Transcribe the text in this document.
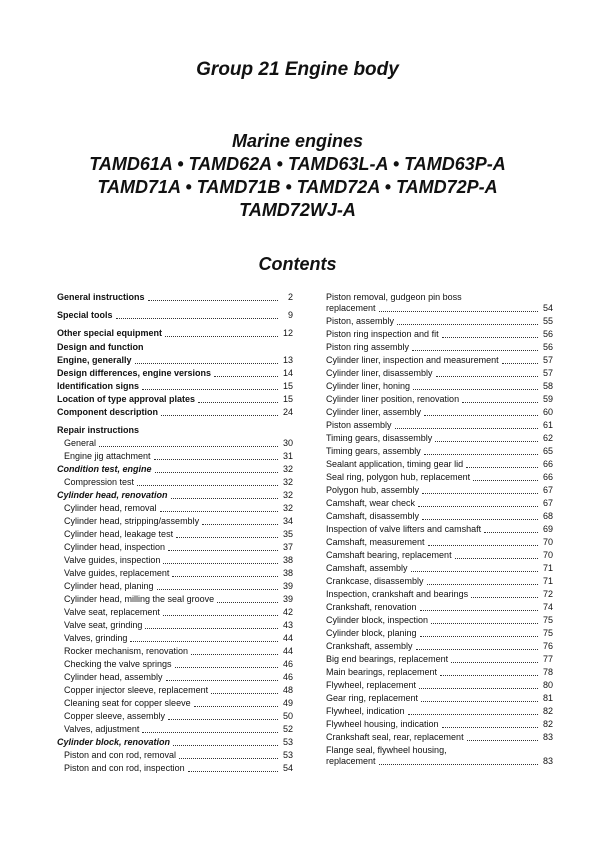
Group 21 Engine body
Marine engines
TAMD61A • TAMD62A • TAMD63L-A • TAMD63P-A
TAMD71A • TAMD71B • TAMD72A • TAMD72P-A
TAMD72WJ-A
Contents
General instructions	2
Special tools	9
Other special equipment	12
Design and function
Engine, generally	13
Design differences, engine versions	14
Identification signs	15
Location of type approval plates	15
Component description	24
Repair instructions
General	30
Engine jig attachment	31
Condition test, engine	32
Compression test	32
Cylinder head, renovation	32
Cylinder head, removal	32
Cylinder head, stripping/assembly	34
Cylinder head, leakage test	35
Cylinder head, inspection	37
Valve guides, inspection	38
Valve guides, replacement	38
Cylinder head, planing	39
Cylinder head, milling the seal groove	39
Valve seat, replacement	42
Valve seat, grinding	43
Valves, grinding	44
Rocker mechanism, renovation	44
Checking the valve springs	46
Cylinder head, assembly	46
Copper injector sleeve, replacement	48
Cleaning seat for copper sleeve	49
Copper sleeve, assembly	50
Valves, adjustment	52
Cylinder block, renovation	53
Piston and con rod, removal	53
Piston and con rod, inspection	54
Piston removal, gudgeon pin boss
replacement	54
Piston, assembly	55
Piston ring inspection and fit	56
Piston ring assembly	56
Cylinder liner, inspection and measurement	57
Cylinder liner, disassembly	57
Cylinder liner, honing	58
Cylinder liner position, renovation	59
Cylinder liner, assembly	60
Piston assembly	61
Timing gears, disassembly	62
Timing gears, assembly	65
Sealant application, timing gear lid	66
Seal ring, polygon hub, replacement	66
Polygon hub, assembly	67
Camshaft, wear check	67
Camshaft, disassembly	68
Inspection of valve lifters and camshaft	69
Camshaft, measurement	70
Camshaft bearing, replacement	70
Camshaft, assembly	71
Crankcase, disassembly	71
Inspection, crankshaft and bearings	72
Crankshaft, renovation	74
Cylinder block, inspection	75
Cylinder block, planing	75
Crankshaft, assembly	76
Big end bearings, replacement	77
Main bearings, replacement	78
Flywheel, replacement	80
Gear ring, replacement	81
Flywheel, indication	82
Flywheel housing, indication	82
Crankshaft seal, rear, replacement	83
Flange seal, flywheel housing,
replacement	83
